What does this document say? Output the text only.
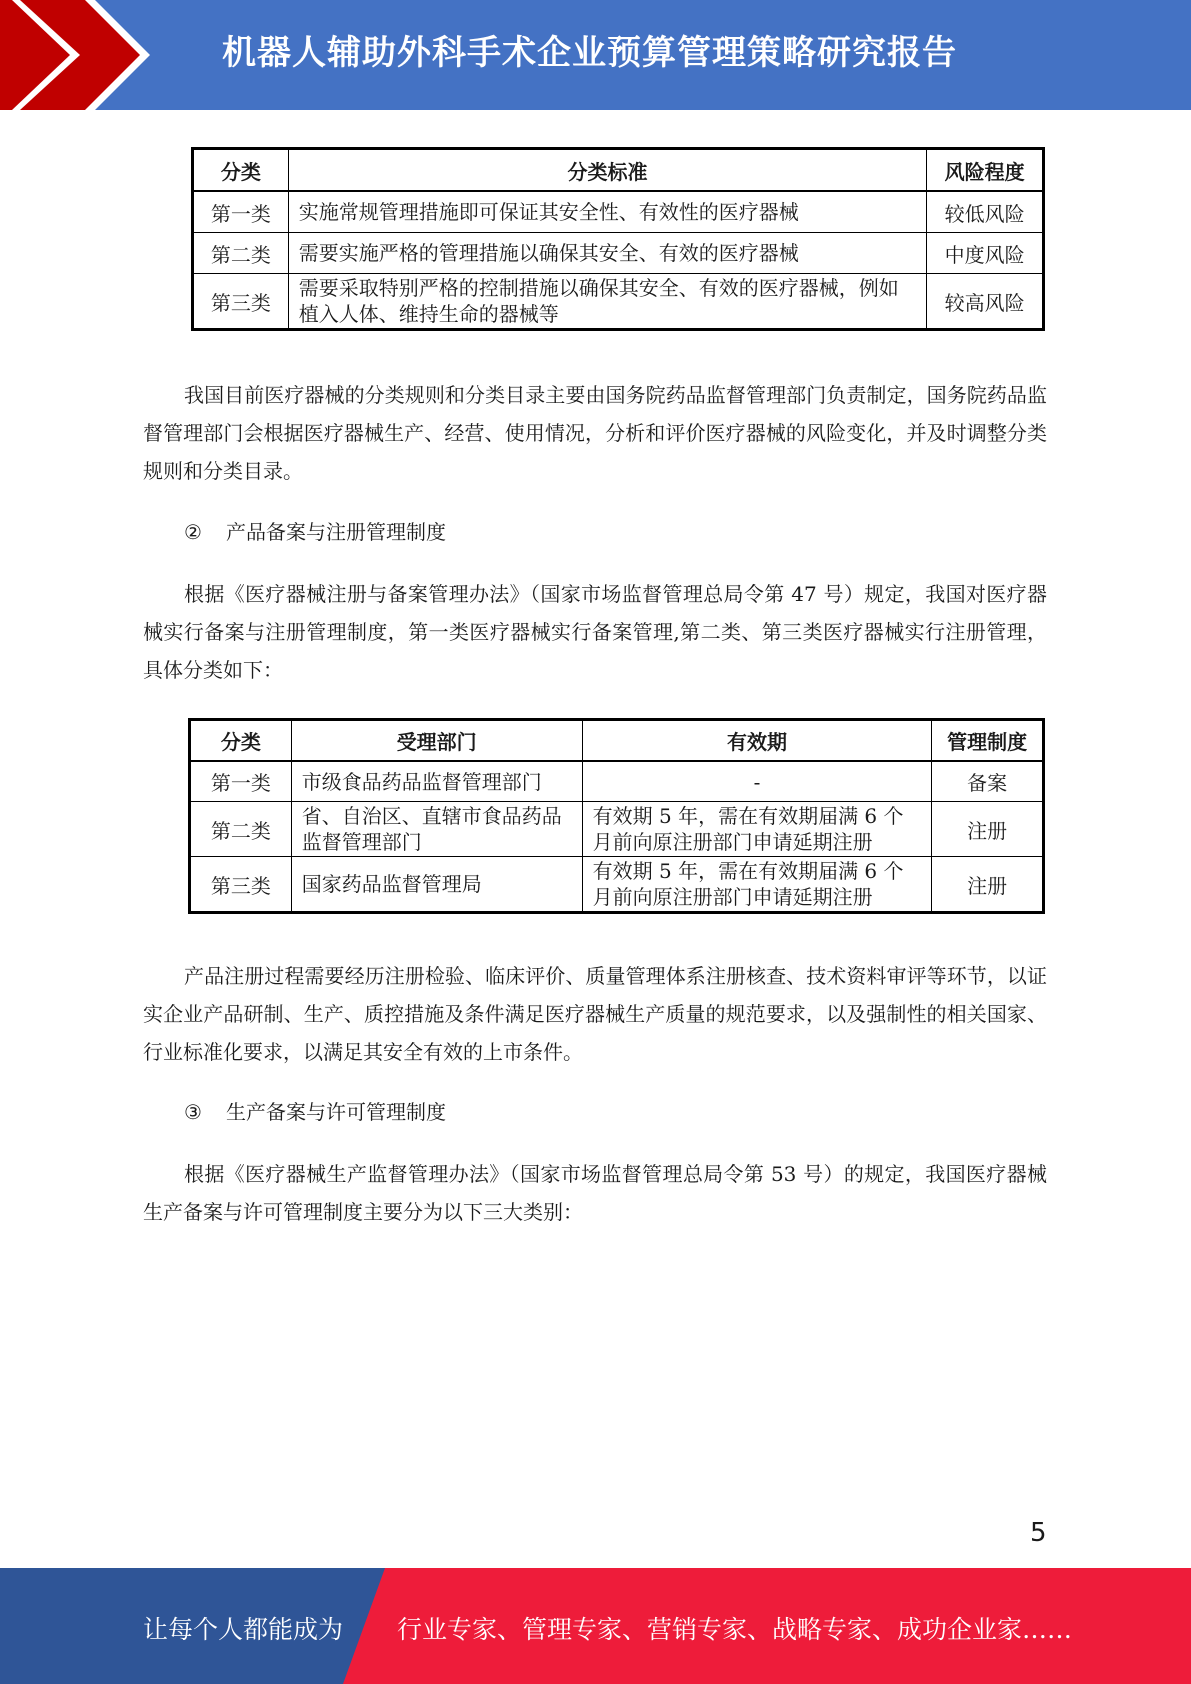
机器人辅助外科手术企业预算管理策略研究报告
分类	分类标准	风险程度
第一类	实施常规管理措施即可保证其安全性、有效性的医疗器械	较低风险
第二类	需要实施严格的管理措施以确保其安全、有效的医疗器械	中度风险
第三类	需要采取特别严格的控制措施以确保其安全、有效的医疗器械，例如植入人体、维持生命的器械等	较高风险

我国目前医疗器械的分类规则和分类目录主要由国务院药品监督管理部门负责制定，国务院药品监督管理部门会根据医疗器械生产、经营、使用情况，分析和评价医疗器械的风险变化，并及时调整分类规则和分类目录。

② 产品备案与注册管理制度

根据《医疗器械注册与备案管理办法》（国家市场监督管理总局令第 47 号）规定，我国对医疗器械实行备案与注册管理制度，第一类医疗器械实行备案管理,第二类、第三类医疗器械实行注册管理，具体分类如下：

分类	受理部门	有效期	管理制度
第一类	市级食品药品监督管理部门	-	备案
第二类	省、自治区、直辖市食品药品监督管理部门	有效期 5 年，需在有效期届满 6 个月前向原注册部门申请延期注册	注册
第三类	国家药品监督管理局	有效期 5 年，需在有效期届满 6 个月前向原注册部门申请延期注册	注册

产品注册过程需要经历注册检验、临床评价、质量管理体系注册核查、技术资料审评等环节，以证实企业产品研制、生产、质控措施及条件满足医疗器械生产质量的规范要求，以及强制性的相关国家、行业标准化要求，以满足其安全有效的上市条件。

③ 生产备案与许可管理制度

根据《医疗器械生产监督管理办法》（国家市场监督管理总局令第 53 号）的规定，我国医疗器械生产备案与许可管理制度主要分为以下三大类别：

5
让每个人都能成为 行业专家、管理专家、营销专家、战略专家、成功企业家……
